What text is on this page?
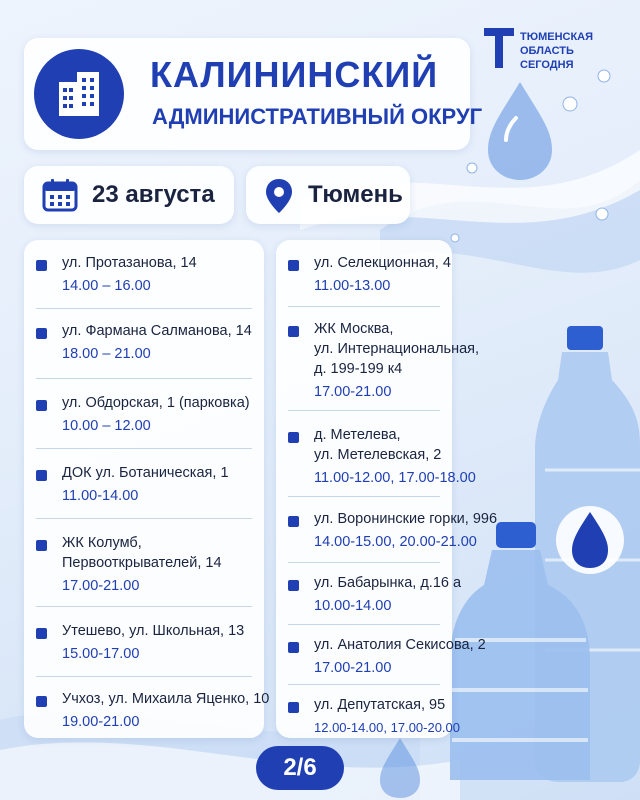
ТЮМЕНСКАЯ
ОБЛАСТЬ
СЕГОДНЯ
КАЛИНИНСКИЙ
АДМИНИСТРАТИВНЫЙ ОКРУГ
23 августа	Тюмень
ул. Протазанова, 14
14.00 – 16.00
ул. Фармана Салманова, 14
18.00 – 21.00
ул. Обдорская, 1 (парковка)
10.00 – 12.00
ДОК ул. Ботаническая, 1
11.00-14.00
ЖК Колумб,
Первооткрывателей, 14
17.00-21.00
Утешево, ул. Школьная, 13
15.00-17.00
Учхоз, ул. Михаила Яценко, 10
19.00-21.00
ул. Селекционная, 4
11.00-13.00
ЖК Москва,
ул. Интернациональная,
д. 199-199 к4
17.00-21.00
д. Метелева,
ул. Метелевская, 2
11.00-12.00, 17.00-18.00
ул. Воронинские горки, 996
14.00-15.00, 20.00-21.00
ул. Бабарынка, д.16 а
10.00-14.00
ул. Анатолия Секисова, 2
17.00-21.00
ул. Депутатская, 95
12.00-14.00, 17.00-20.00
2/6
